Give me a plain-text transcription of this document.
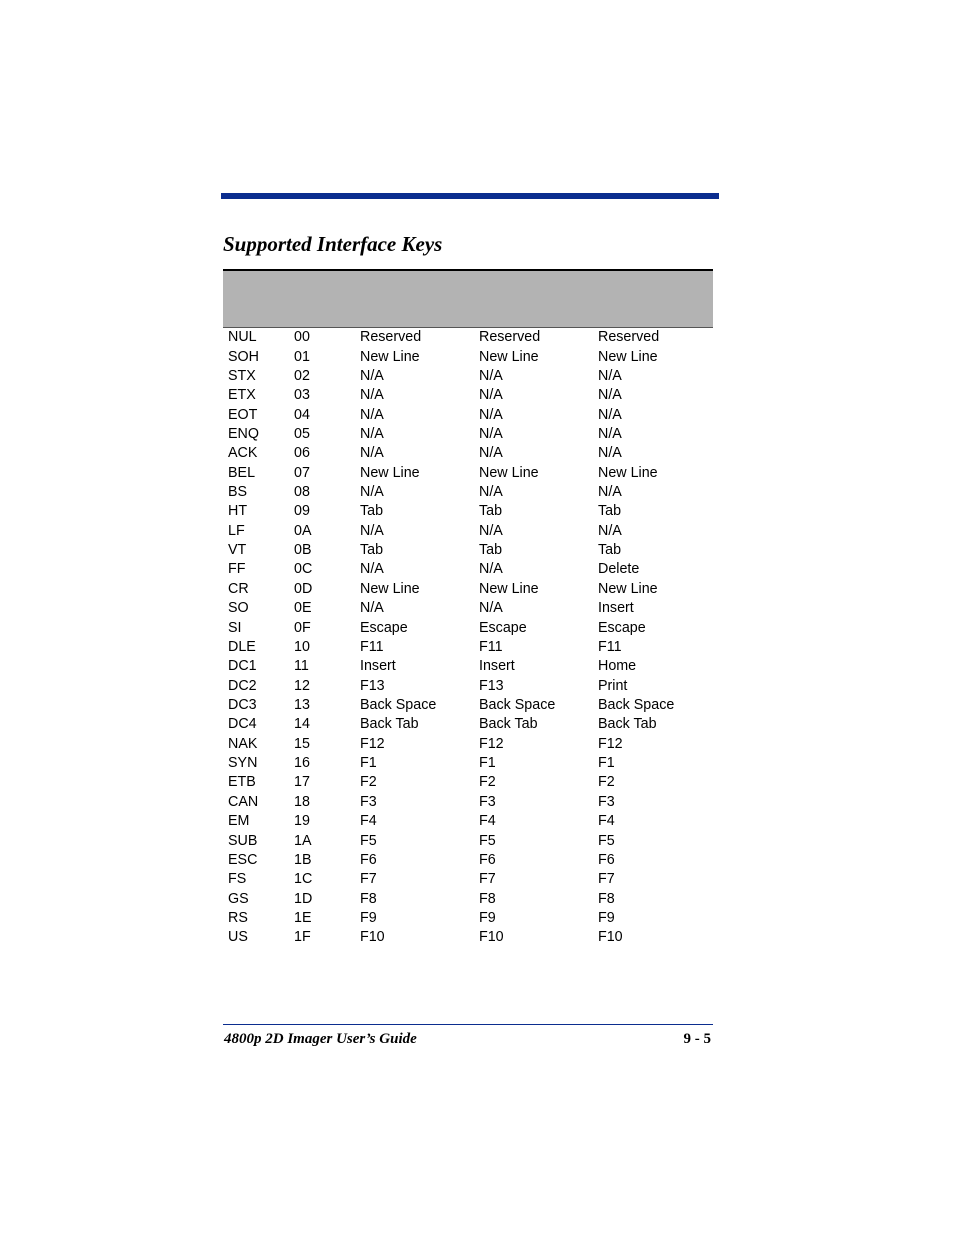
Supported Interface Keys
NUL	00	Reserved	Reserved	Reserved
SOH	01	New Line	New Line	New Line
STX	02	N/A	N/A	N/A
ETX	03	N/A	N/A	N/A
EOT	04	N/A	N/A	N/A
ENQ	05	N/A	N/A	N/A
ACK	06	N/A	N/A	N/A
BEL	07	New Line	New Line	New Line
BS	08	N/A	N/A	N/A
HT	09	Tab	Tab	Tab
LF	0A	N/A	N/A	N/A
VT	0B	Tab	Tab	Tab
FF	0C	N/A	N/A	Delete
CR	0D	New Line	New Line	New Line
SO	0E	N/A	N/A	Insert
SI	0F	Escape	Escape	Escape
DLE	10	F11	F11	F11
DC1	11	Insert	Insert	Home
DC2	12	F13	F13	Print
DC3	13	Back Space	Back Space	Back Space
DC4	14	Back Tab	Back Tab	Back Tab
NAK	15	F12	F12	F12
SYN	16	F1	F1	F1
ETB	17	F2	F2	F2
CAN	18	F3	F3	F3
EM	19	F4	F4	F4
SUB	1A	F5	F5	F5
ESC	1B	F6	F6	F6
FS	1C	F7	F7	F7
GS	1D	F8	F8	F8
RS	1E	F9	F9	F9
US	1F	F10	F10	F10
4800p 2D Imager User’s Guide	9 - 5
